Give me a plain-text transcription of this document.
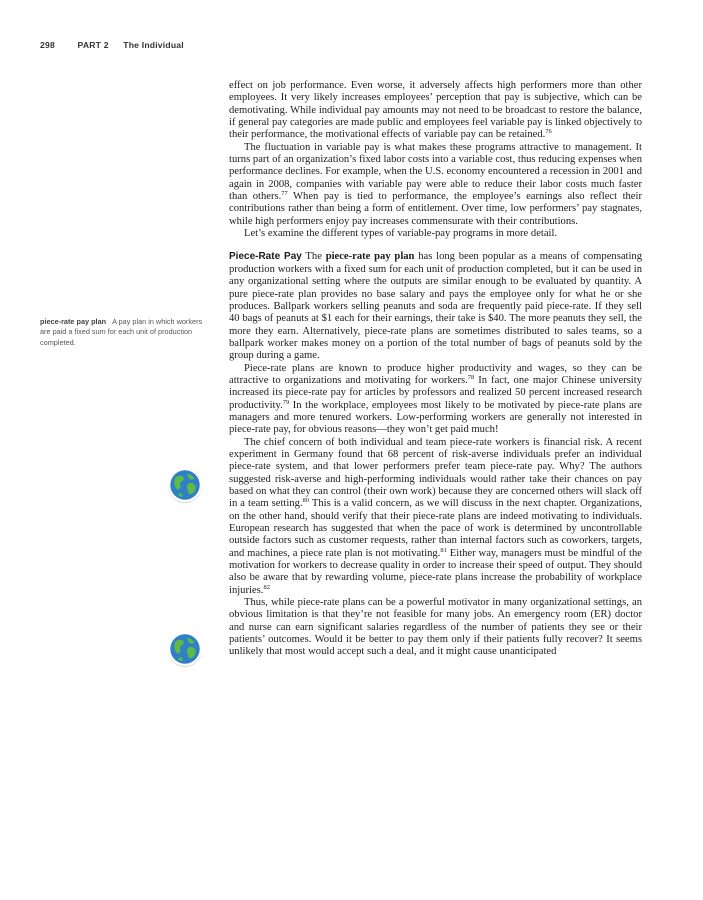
298	PART 2 The Individual
piece-rate pay plan A pay plan in which workers are paid a fixed sum for each unit of production completed.

effect on job performance. Even worse, it adversely affects high performers more than other employees. It very likely increases employees’ perception that pay is subjective, which can be demotivating. While individual pay amounts may not need to be broadcast to restore the balance, if general pay categories are made public and employees feel variable pay is linked objectively to their performance, the motivational effects of variable pay can be retained.$^{76}$

The fluctuation in variable pay is what makes these programs attractive to management. It turns part of an organization’s fixed labor costs into a variable cost, thus reducing expenses when performance declines. For example, when the U.S. economy encountered a recession in 2001 and again in 2008, companies with variable pay were able to reduce their labor costs much faster than others.$^{77}$ When pay is tied to performance, the employee’s earnings also reflect their contributions rather than being a form of entitlement. Over time, low performers’ pay stagnates, while high performers enjoy pay increases commensurate with their contributions.

Let’s examine the different types of variable-pay programs in more detail.

Piece-Rate Pay The piece-rate pay plan has long been popular as a means of compensating production workers with a fixed sum for each unit of production completed, but it can be used in any organizational setting where the outputs are similar enough to be evaluated by quantity. A pure piece-rate plan provides no base salary and pays the employee only for what he or she produces. Ballpark workers selling peanuts and soda are frequently paid piece-rate. If they sell 40 bags of peanuts at $1 each for their earnings, their take is $40. The more peanuts they sell, the more they earn. Alternatively, piece-rate plans are sometimes distributed to sales teams, so a ballpark worker makes money on a portion of the total number of bags of peanuts sold by the group during a game.

Piece-rate plans are known to produce higher productivity and wages, so they can be attractive to organizations and motivating for workers.$^{78}$ In fact, one major Chinese university increased its piece-rate pay for articles by professors and realized 50 percent increased research productivity.$^{79}$ In the workplace, employees most likely to be motivated by piece-rate plans are managers and more tenured workers. Low-performing workers are generally not interested in piece-rate pay, for obvious reasons—they won’t get paid much!

The chief concern of both individual and team piece-rate workers is financial risk. A recent experiment in Germany found that 68 percent of risk-averse individuals prefer an individual piece-rate system, and that lower performers prefer team piece-rate pay. Why? The authors suggested risk-averse and high-performing individuals would rather take their chances on pay based on what they can control (their own work) because they are concerned others will slack off in a team setting.$^{80}$ This is a valid concern, as we will discuss in the next chapter. Organizations, on the other hand, should verify that their piece-rate plans are indeed motivating to individuals. European research has suggested that when the pace of work is determined by uncontrollable outside factors such as customer requests, rather than internal factors such as coworkers, targets, and machines, a piece rate plan is not motivating.$^{81}$ Either way, managers must be mindful of the motivation for workers to decrease quality in order to increase their speed of output. They should also be aware that by rewarding volume, piece-rate plans increase the probability of workplace injuries.$^{82}$

Thus, while piece-rate plans can be a powerful motivator in many organizational settings, an obvious limitation is that they’re not feasible for many jobs. An emergency room (ER) doctor and nurse can earn significant salaries regardless of the number of patients they see or their patients’ outcomes. Would it be better to pay them only if their patients fully recover? It seems unlikely that most would accept such a deal, and it might cause unanticipated
